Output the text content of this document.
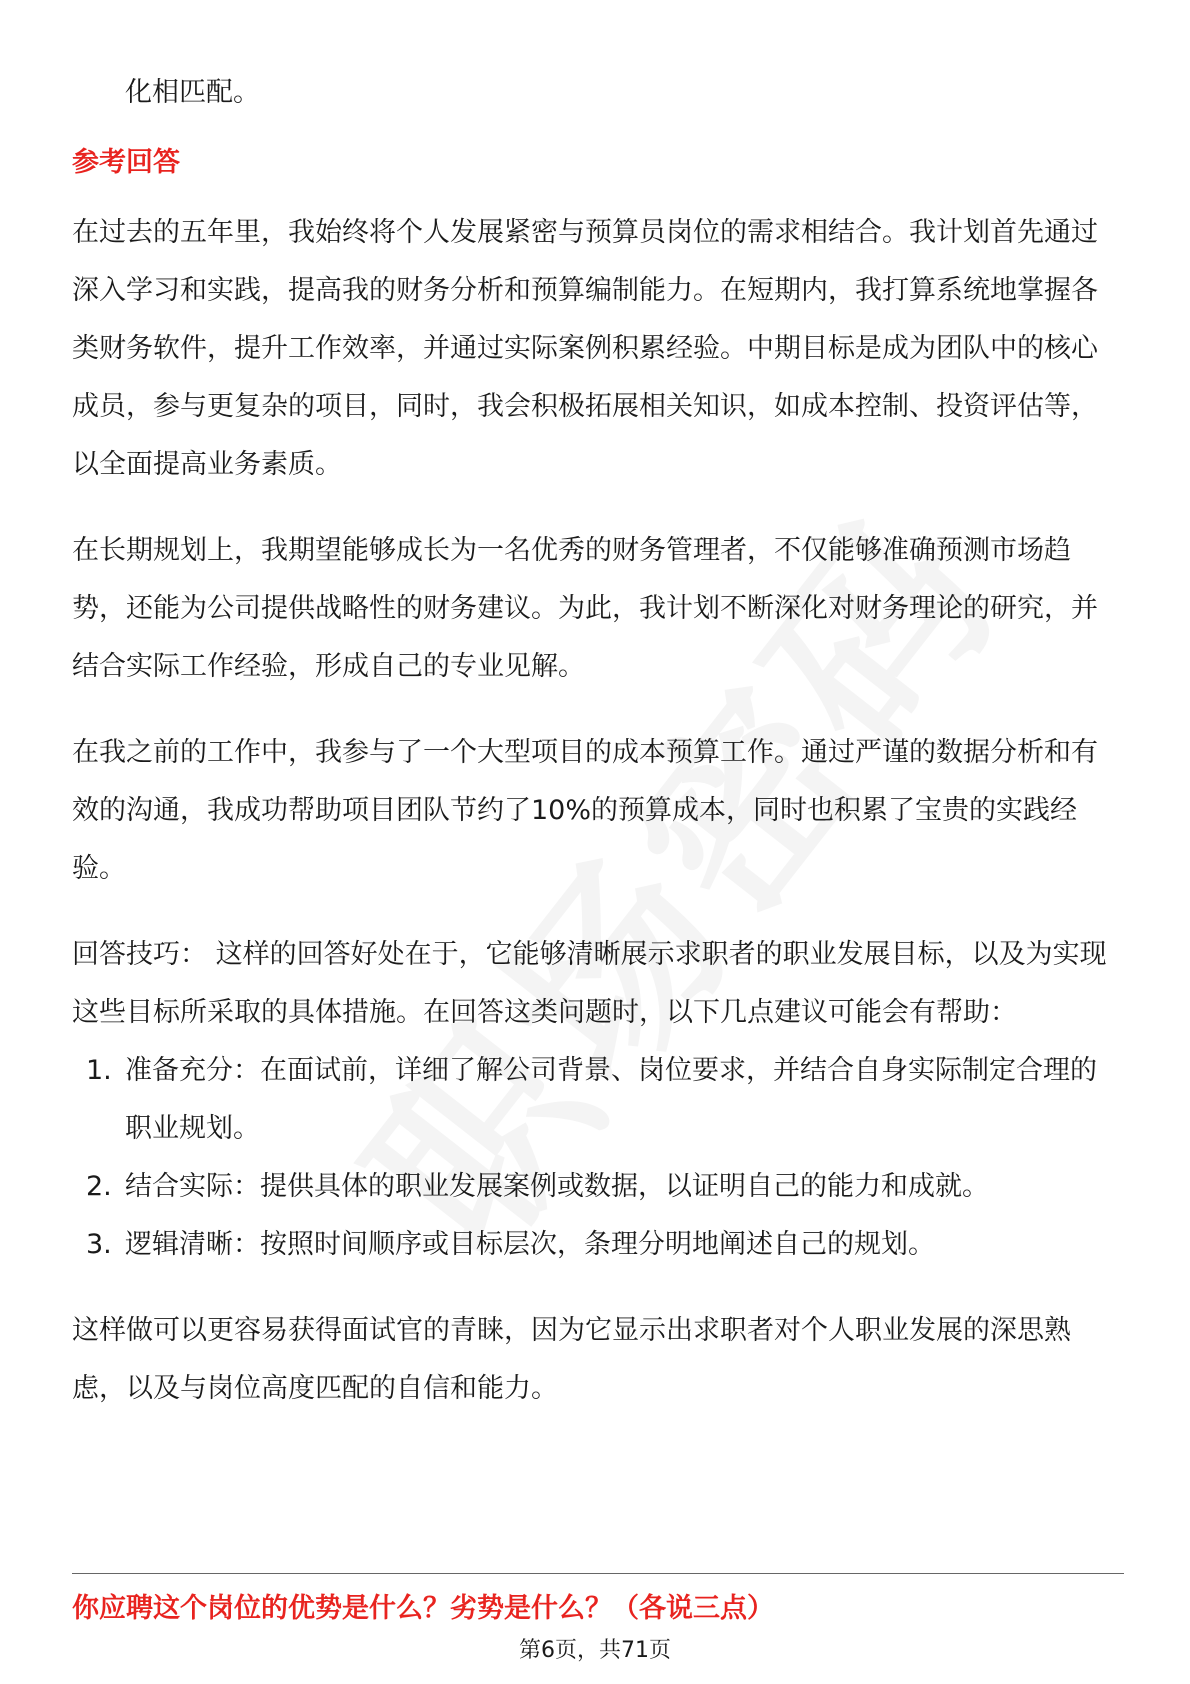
化相匹配。

参考回答

在过去的五年里，我始终将个人发展紧密与预算员岗位的需求相结合。我计划首先通过深入学习和实践，提高我的财务分析和预算编制能力。在短期内，我打算系统地掌握各类财务软件，提升工作效率，并通过实际案例积累经验。中期目标是成为团队中的核心成员，参与更复杂的项目，同时，我会积极拓展相关知识，如成本控制、投资评估等，以全面提高业务素质。

在长期规划上，我期望能够成长为一名优秀的财务管理者，不仅能够准确预测市场趋势，还能为公司提供战略性的财务建议。为此，我计划不断深化对财务理论的研究，并结合实际工作经验，形成自己的专业见解。

在我之前的工作中，我参与了一个大型项目的成本预算工作。通过严谨的数据分析和有效的沟通，我成功帮助项目团队节约了10%的预算成本，同时也积累了宝贵的实践经验。

回答技巧： 这样的回答好处在于，它能够清晰展示求职者的职业发展目标，以及为实现这些目标所采取的具体措施。在回答这类问题时，以下几点建议可能会有帮助：

1. 准备充分：在面试前，详细了解公司背景、岗位要求，并结合自身实际制定合理的职业规划。
2. 结合实际：提供具体的职业发展案例或数据，以证明自己的能力和成就。
3. 逻辑清晰：按照时间顺序或目标层次，条理分明地阐述自己的规划。

这样做可以更容易获得面试官的青睐，因为它显示出求职者对个人职业发展的深思熟虑，以及与岗位高度匹配的自信和能力。

你应聘这个岗位的优势是什么？劣势是什么？（各说三点）
第6页，共71页
